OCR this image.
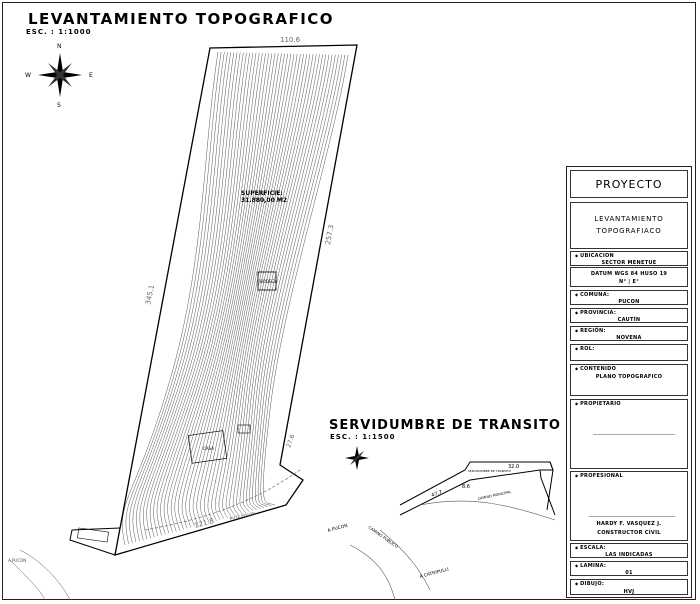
LEVANTAMIENTO TOPOGRAFICO
ESC. : 1:1000
SERVIDUMBRE DE TRANSITO
ESC. : 1:1500
N
S
E
W
110.6
345.1
257.3
121.8
27.6
SUPERFICIE:
31.880,00 M2
BODEGA
CASA
RUTA PUCON
A PUCON
A PUCON	CAMINO PUBLICO
A CATRIPULLI
CAMINO MUNICIPAL
SERVIDUMBRE DE TRANSITO
47.7
8.6
32.0
PROYECTO
LEVANTAMIENTO
TOPOGRAFIACO
◆ UBICACION
SECTOR MENETUE
DATUM WGS 84 HUSO 19
N° | E°
◆ COMUNA:
PUCON
◆ PROVINCIA:
CAUTÍN
◆ REGIÓN:
NOVENA
◆ ROL:
◆ CONTENIDO
PLANO TOPOGRAFICO
◆ PROPIETARIO
◆ PROFESIONAL
HARDY F. VASQUEZ J.
CONSTRUCTOR CIVIL
◆ ESCALA:
LAS INDICADAS
◆ LAMINA:
01
◆ DIBUJO:
HVJ
